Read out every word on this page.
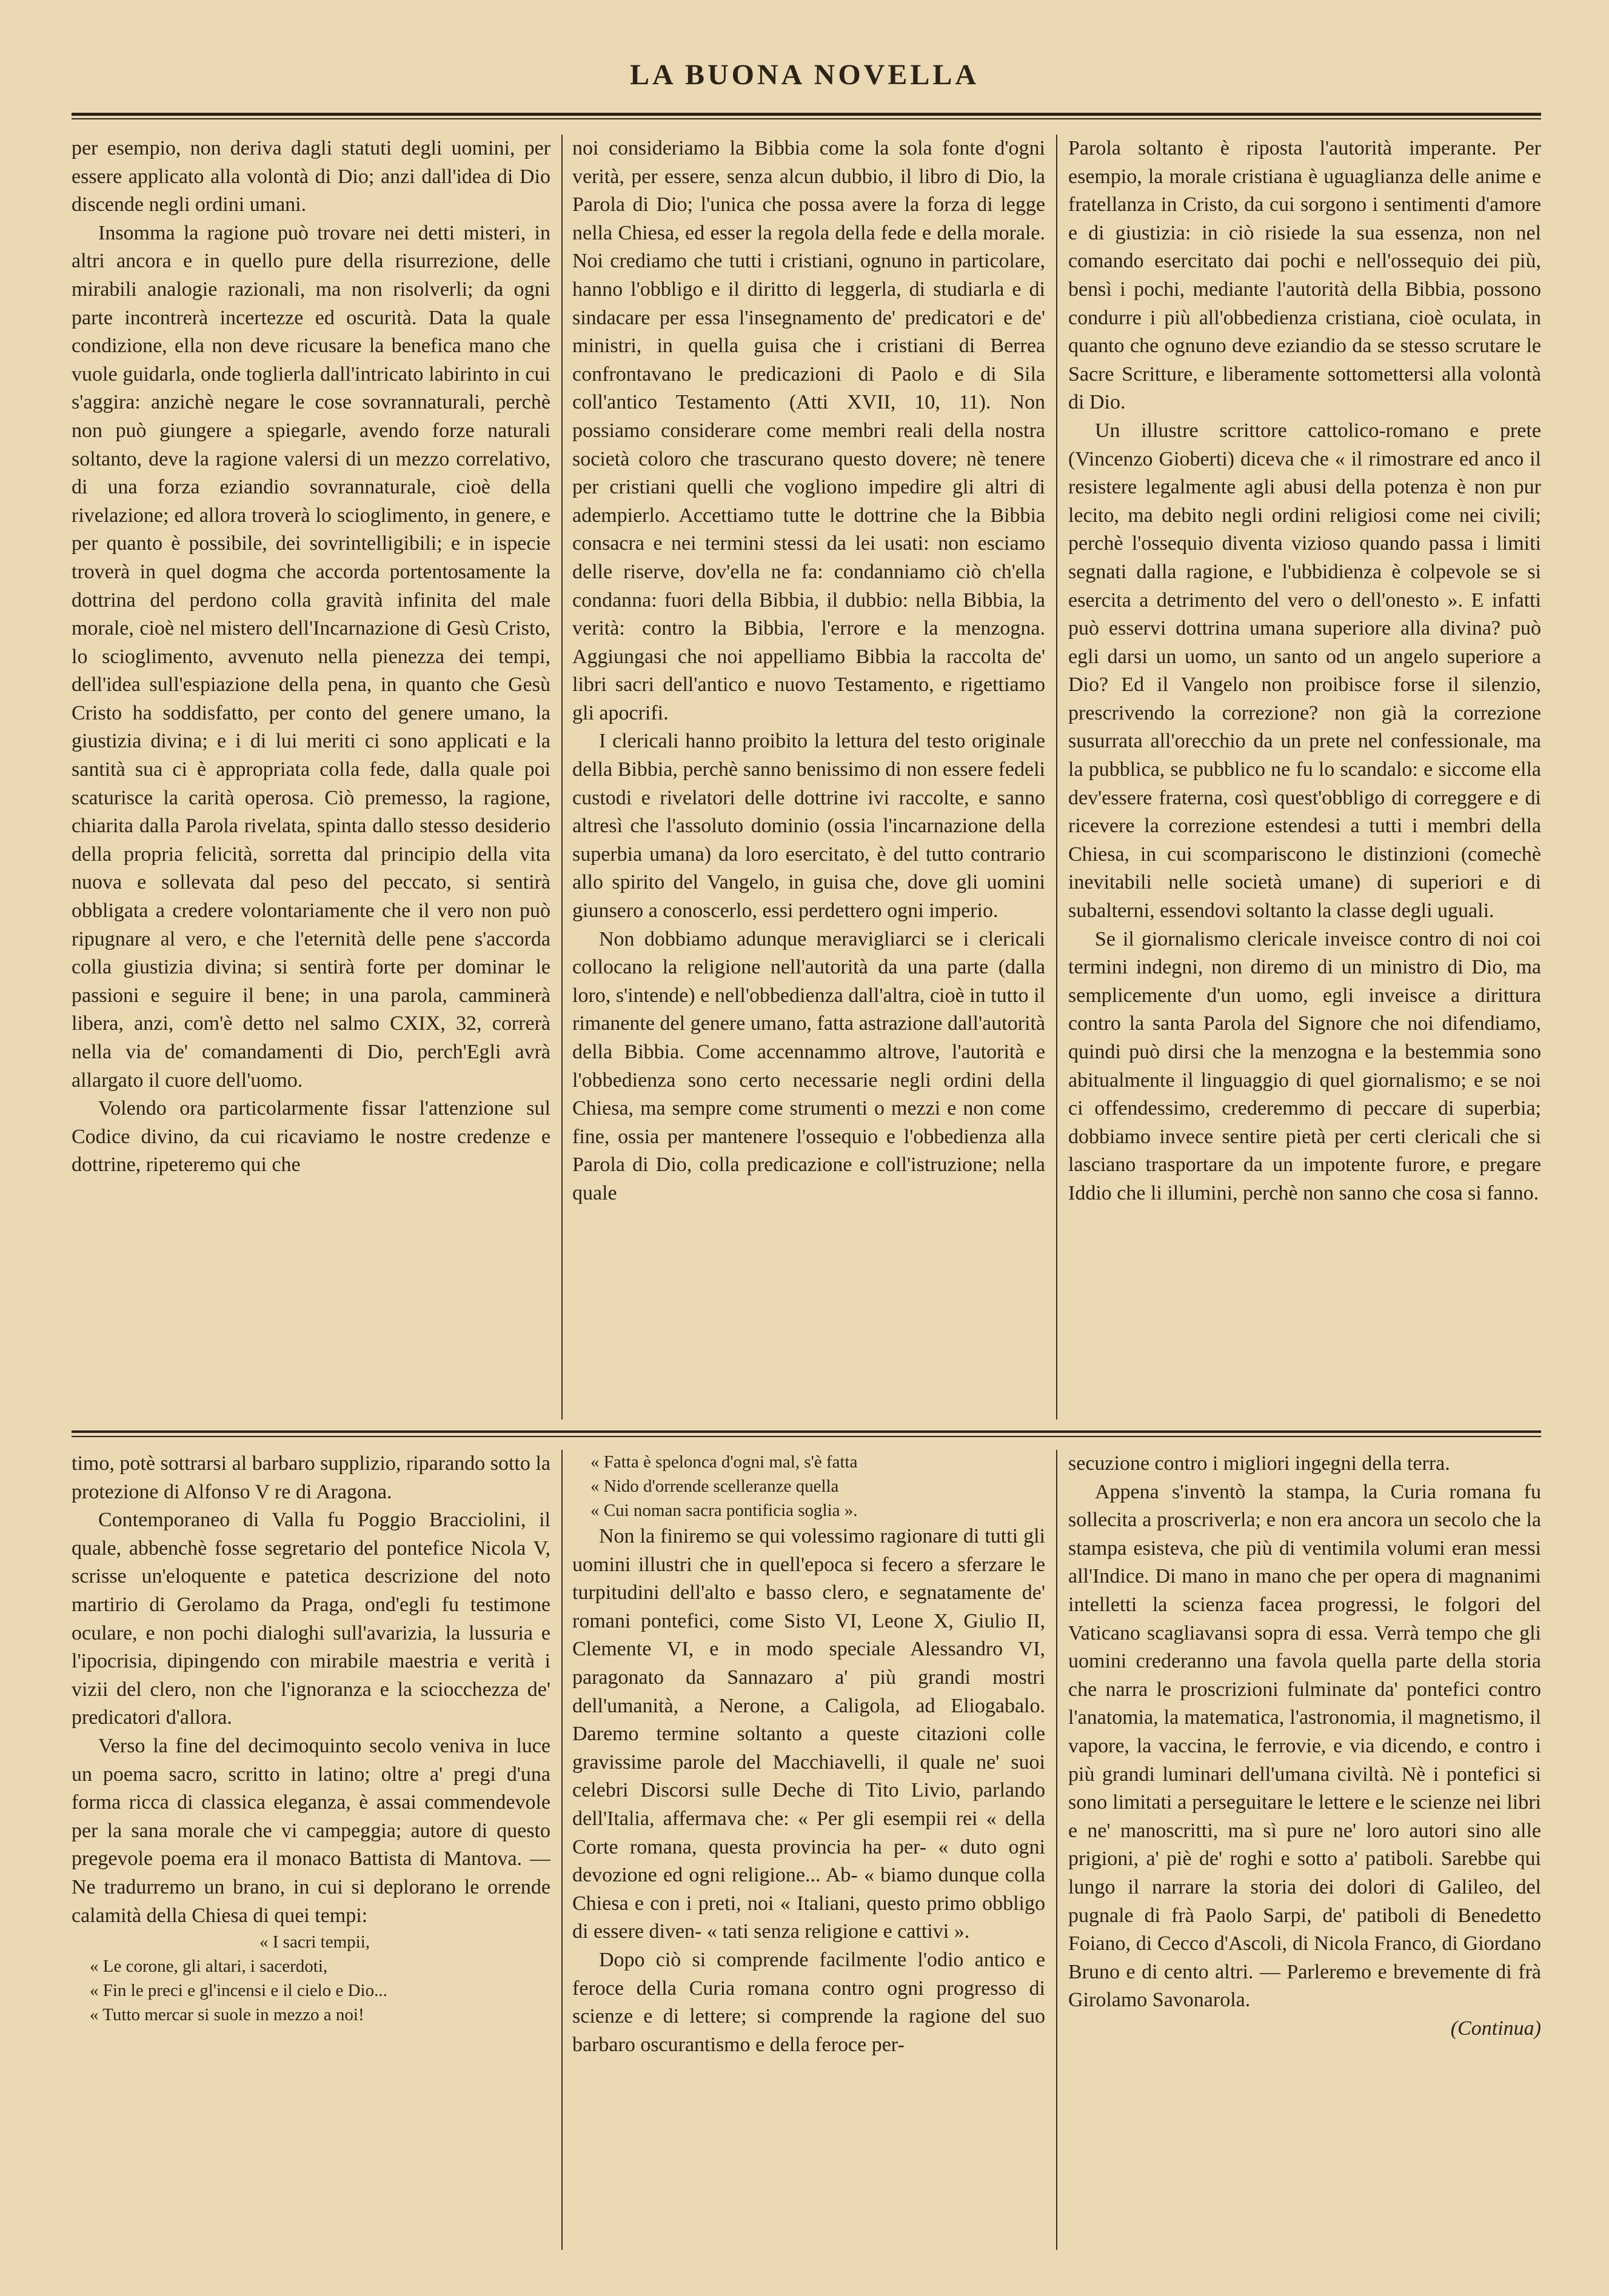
LA BUONA NOVELLA

per esempio, non deriva dagli statuti degli uomini, per essere applicato alla volontà di Dio; anzi dall'idea di Dio discende negli ordini umani.

Insomma la ragione può trovare nei detti misteri, in altri ancora e in quello pure della risurrezione, delle mirabili analogie razionali, ma non risolverli; da ogni parte incontrerà incertezze ed oscurità. Data la quale condizione, ella non deve ricusare la benefica mano che vuole guidarla, onde toglierla dall'intricato labirinto in cui s'aggira: anzichè negare le cose sovrannaturali, perchè non può giungere a spiegarle, avendo forze naturali soltanto, deve la ragione valersi di un mezzo correlativo, di una forza eziandio sovrannaturale, cioè della rivelazione; ed allora troverà lo scioglimento, in genere, e per quanto è possibile, dei sovrintelligibili; e in ispecie troverà in quel dogma che accorda portentosamente la dottrina del perdono colla gravità infinita del male morale, cioè nel mistero dell'Incarnazione di Gesù Cristo, lo scioglimento, avvenuto nella pienezza dei tempi, dell'idea sull'espiazione della pena, in quanto che Gesù Cristo ha soddisfatto, per conto del genere umano, la giustizia divina; e i di lui meriti ci sono applicati e la santità sua ci è appropriata colla fede, dalla quale poi scaturisce la carità operosa. Ciò premesso, la ragione, chiarita dalla Parola rivelata, spinta dallo stesso desiderio della propria felicità, sorretta dal principio della vita nuova e sollevata dal peso del peccato, si sentirà obbligata a credere volontariamente che il vero non può ripugnare al vero, e che l'eternità delle pene s'accorda colla giustizia divina; si sentirà forte per dominar le passioni e seguire il bene; in una parola, camminerà libera, anzi, com'è detto nel salmo CXIX, 32, correrà nella via de' comandamenti di Dio, perch'Egli avrà allargato il cuore dell'uomo.

Volendo ora particolarmente fissar l'attenzione sul Codice divino, da cui ricaviamo le nostre credenze e dottrine, ripeteremo qui che

noi consideriamo la Bibbia come la sola fonte d'ogni verità, per essere, senza alcun dubbio, il libro di Dio, la Parola di Dio; l'unica che possa avere la forza di legge nella Chiesa, ed esser la regola della fede e della morale. Noi crediamo che tutti i cristiani, ognuno in particolare, hanno l'obbligo e il diritto di leggerla, di studiarla e di sindacare per essa l'insegnamento de' predicatori e de' ministri, in quella guisa che i cristiani di Berrea confrontavano le predicazioni di Paolo e di Sila coll'antico Testamento (Atti XVII, 10, 11). Non possiamo considerare come membri reali della nostra società coloro che trascurano questo dovere; nè tenere per cristiani quelli che vogliono impedire gli altri di adempierlo. Accettiamo tutte le dottrine che la Bibbia consacra e nei termini stessi da lei usati: non esciamo delle riserve, dov'ella ne fa: condanniamo ciò ch'ella condanna: fuori della Bibbia, il dubbio: nella Bibbia, la verità: contro la Bibbia, l'errore e la menzogna. Aggiungasi che noi appelliamo Bibbia la raccolta de' libri sacri dell'antico e nuovo Testamento, e rigettiamo gli apocrifi.

I clericali hanno proibito la lettura del testo originale della Bibbia, perchè sanno benissimo di non essere fedeli custodi e rivelatori delle dottrine ivi raccolte, e sanno altresì che l'assoluto dominio (ossia l'incarnazione della superbia umana) da loro esercitato, è del tutto contrario allo spirito del Vangelo, in guisa che, dove gli uomini giunsero a conoscerlo, essi perdettero ogni imperio.

Non dobbiamo adunque meravigliarci se i clericali collocano la religione nell'autorità da una parte (dalla loro, s'intende) e nell'obbedienza dall'altra, cioè in tutto il rimanente del genere umano, fatta astrazione dall'autorità della Bibbia. Come accennammo altrove, l'autorità e l'obbedienza sono certo necessarie negli ordini della Chiesa, ma sempre come strumenti o mezzi e non come fine, ossia per mantenere l'ossequio e l'obbedienza alla Parola di Dio, colla predicazione e coll'istruzione; nella quale

Parola soltanto è riposta l'autorità imperante. Per esempio, la morale cristiana è uguaglianza delle anime e fratellanza in Cristo, da cui sorgono i sentimenti d'amore e di giustizia: in ciò risiede la sua essenza, non nel comando esercitato dai pochi e nell'ossequio dei più, bensì i pochi, mediante l'autorità della Bibbia, possono condurre i più all'obbedienza cristiana, cioè oculata, in quanto che ognuno deve eziandio da se stesso scrutare le Sacre Scritture, e liberamente sottomettersi alla volontà di Dio.

Un illustre scrittore cattolico-romano e prete (Vincenzo Gioberti) diceva che « il rimostrare ed anco il resistere legalmente agli abusi della potenza è non pur lecito, ma debito negli ordini religiosi come nei civili; perchè l'ossequio diventa vizioso quando passa i limiti segnati dalla ragione, e l'ubbidienza è colpevole se si esercita a detrimento del vero o dell'onesto ». E infatti può esservi dottrina umana superiore alla divina? può egli darsi un uomo, un santo od un angelo superiore a Dio? Ed il Vangelo non proibisce forse il silenzio, prescrivendo la correzione? non già la correzione susurrata all'orecchio da un prete nel confessionale, ma la pubblica, se pubblico ne fu lo scandalo: e siccome ella dev'essere fraterna, così quest'obbligo di correggere e di ricevere la correzione estendesi a tutti i membri della Chiesa, in cui scompariscono le distinzioni (comechè inevitabili nelle società umane) di superiori e di subalterni, essendovi soltanto la classe degli uguali.

Se il giornalismo clericale inveisce contro di noi coi termini indegni, non diremo di un ministro di Dio, ma semplicemente d'un uomo, egli inveisce a dirittura contro la santa Parola del Signore che noi difendiamo, quindi può dirsi che la menzogna e la bestemmia sono abitualmente il linguaggio di quel giornalismo; e se noi ci offendessimo, crederemmo di peccare di superbia; dobbiamo invece sentire pietà per certi clericali che si lasciano trasportare da un impotente furore, e pregare Iddio che li illumini, perchè non sanno che cosa si fanno.

timo, potè sottrarsi al barbaro supplizio, riparando sotto la protezione di Alfonso V re di Aragona.

Contemporaneo di Valla fu Poggio Bracciolini, il quale, abbenchè fosse segretario del pontefice Nicola V, scrisse un'eloquente e patetica descrizione del noto martirio di Gerolamo da Praga, ond'egli fu testimone oculare, e non pochi dialoghi sull'avarizia, la lussuria e l'ipocrisia, dipingendo con mirabile maestria e verità i vizii del clero, non che l'ignoranza e la sciocchezza de' predicatori d'allora.

Verso la fine del decimoquinto secolo veniva in luce un poema sacro, scritto in latino; oltre a' pregi d'una forma ricca di classica eleganza, è assai commendevole per la sana morale che vi campeggia; autore di questo pregevole poema era il monaco Battista di Mantova. — Ne tradurremo un brano, in cui si deplorano le orrende calamità della Chiesa di quei tempi:

« I sacri tempii,
« Le corone, gli altari, i sacerdoti,
« Fin le preci e gl'incensi e il cielo e Dio...
« Tutto mercar si suole in mezzo a noi!
« Fatta è spelonca d'ogni mal, s'è fatta
« Nido d'orrende scelleranze quella
« Cui noman sacra pontificia soglia ».

Non la finiremo se qui volessimo ragionare di tutti gli uomini illustri che in quell'epoca si fecero a sferzare le turpitudini dell'alto e basso clero, e segnatamente de' romani pontefici, come Sisto VI, Leone X, Giulio II, Clemente VI, e in modo speciale Alessandro VI, paragonato da Sannazaro a' più grandi mostri dell'umanità, a Nerone, a Caligola, ad Eliogabalo. Daremo termine soltanto a queste citazioni colle gravissime parole del Macchiavelli, il quale ne' suoi celebri Discorsi sulle Deche di Tito Livio, parlando dell'Italia, affermava che: « Per gli esempii rei « della Corte romana, questa provincia ha per- « duto ogni devozione ed ogni religione... Ab- « biamo dunque colla Chiesa e con i preti, noi « Italiani, questo primo obbligo di essere diven- « tati senza religione e cattivi ».

Dopo ciò si comprende facilmente l'odio antico e feroce della Curia romana contro ogni progresso di scienze e di lettere; si comprende la ragione del suo barbaro oscurantismo e della feroce per-

secuzione contro i migliori ingegni della terra.

Appena s'inventò la stampa, la Curia romana fu sollecita a proscriverla; e non era ancora un secolo che la stampa esisteva, che più di ventimila volumi eran messi all'Indice. Di mano in mano che per opera di magnanimi intelletti la scienza facea progressi, le folgori del Vaticano scagliavansi sopra di essa. Verrà tempo che gli uomini crederanno una favola quella parte della storia che narra le proscrizioni fulminate da' pontefici contro l'anatomia, la matematica, l'astronomia, il magnetismo, il vapore, la vaccina, le ferrovie, e via dicendo, e contro i più grandi luminari dell'umana civiltà. Nè i pontefici si sono limitati a perseguitare le lettere e le scienze nei libri e ne' manoscritti, ma sì pure ne' loro autori sino alle prigioni, a' piè de' roghi e sotto a' patiboli. Sarebbe qui lungo il narrare la storia dei dolori di Galileo, del pugnale di frà Paolo Sarpi, de' patiboli di Benedetto Foiano, di Cecco d'Ascoli, di Nicola Franco, di Giordano Bruno e di cento altri. — Parleremo e brevemente di frà Girolamo Savonarola.

(Continua)
